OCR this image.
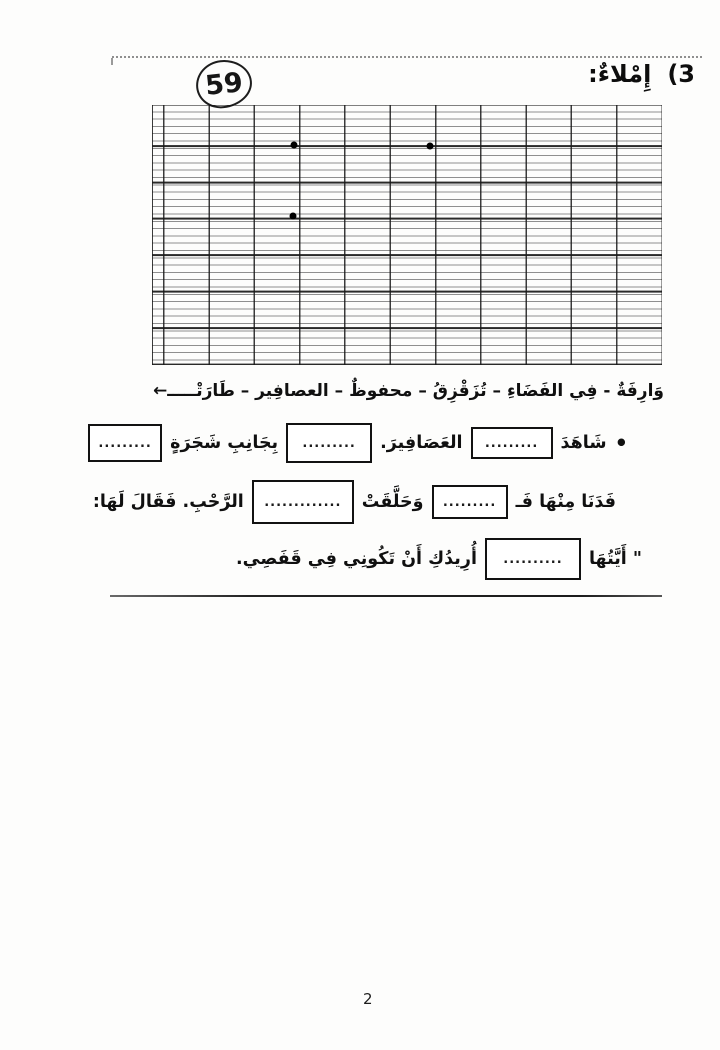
3)
إِمْلاءٌ:
59
وَارِفَةٌ - فِي الفَضَاءِ – تُزَقْزِقُ – محفوظٌ – العصافِير – طَارَتْـــــ←
•
شَاهَدَ
.........
العَصَافِيرَ.
.........
بِجَانِبِ شَجَرَةٍ
.........
فَدَنَا مِنْهَا فَـ
.........
وَحَلَّقَتْ
.............
الرَّحْبِ. فَقَالَ لَهَا:
" أَيَّتُهَا
..........
أُرِيدُكِ أَنْ تَكُونِي فِي قَفَصِي.
2
